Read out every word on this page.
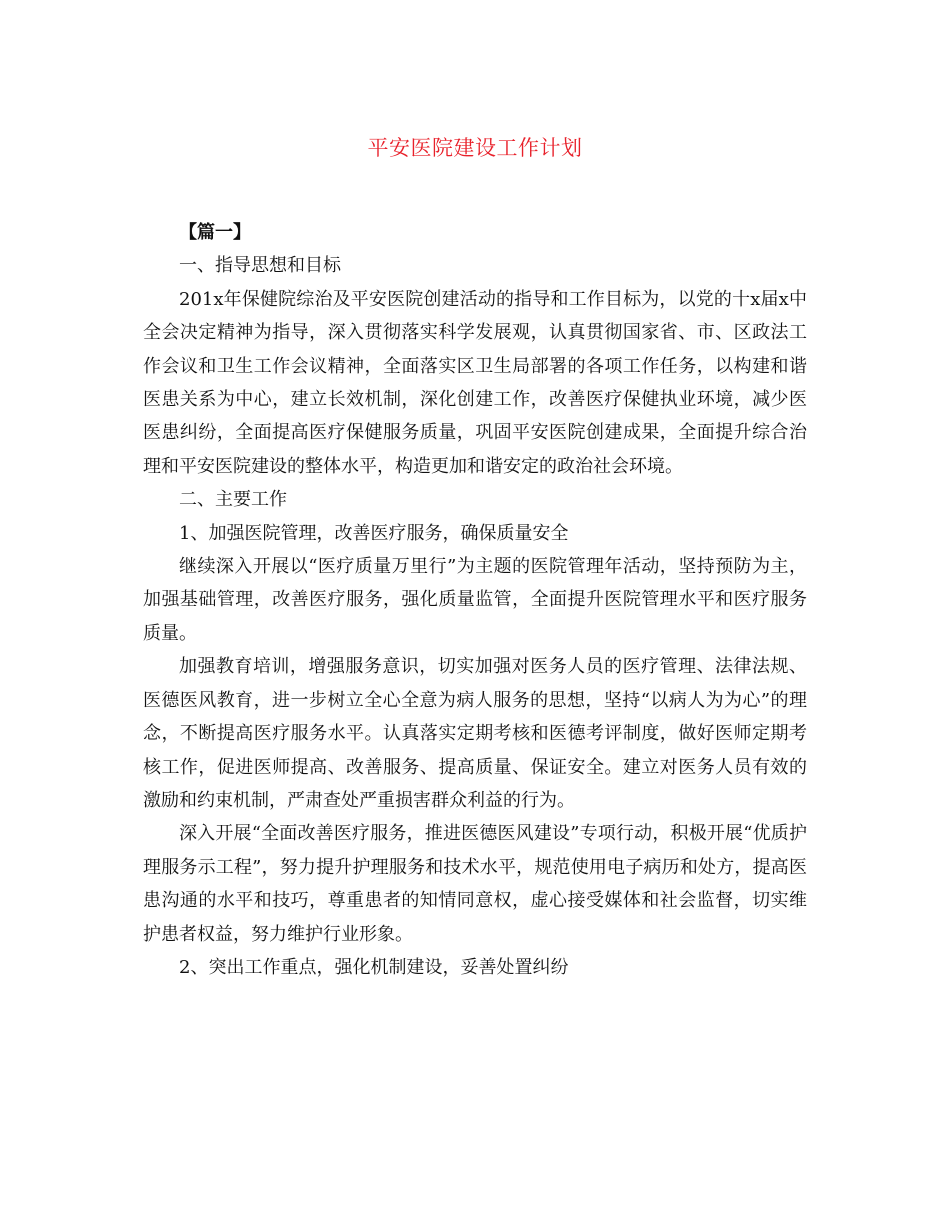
平安医院建设工作计划

【篇一】

一、指导思想和目标

201x年保健院综治及平安医院创建活动的指导和工作目标为，以党的十x届x中全会决定精神为指导，深入贯彻落实科学发展观，认真贯彻国家省、市、区政法工作会议和卫生工作会议精神，全面落实区卫生局部署的各项工作任务，以构建和谐医患关系为中心，建立长效机制，深化创建工作，改善医疗保健执业环境，减少医医患纠纷，全面提高医疗保健服务质量，巩固平安医院创建成果，全面提升综合治理和平安医院建设的整体水平，构造更加和谐安定的政治社会环境。

二、主要工作

1、加强医院管理，改善医疗服务，确保质量安全

继续深入开展以“医疗质量万里行”为主题的医院管理年活动，坚持预防为主，加强基础管理，改善医疗服务，强化质量监管，全面提升医院管理水平和医疗服务质量。

加强教育培训，增强服务意识，切实加强对医务人员的医疗管理、法律法规、医德医风教育，进一步树立全心全意为病人服务的思想，坚持“以病人为为心”的理念，不断提高医疗服务水平。认真落实定期考核和医德考评制度，做好医师定期考核工作，促进医师提高、改善服务、提高质量、保证安全。建立对医务人员有效的激励和约束机制，严肃查处严重损害群众利益的行为。

深入开展“全面改善医疗服务，推进医德医风建设”专项行动，积极开展“优质护理服务示工程”，努力提升护理服务和技术水平，规范使用电子病历和处方，提高医患沟通的水平和技巧，尊重患者的知情同意权，虚心接受媒体和社会监督，切实维护患者权益，努力维护行业形象。

2、突出工作重点，强化机制建设，妥善处置纠纷
